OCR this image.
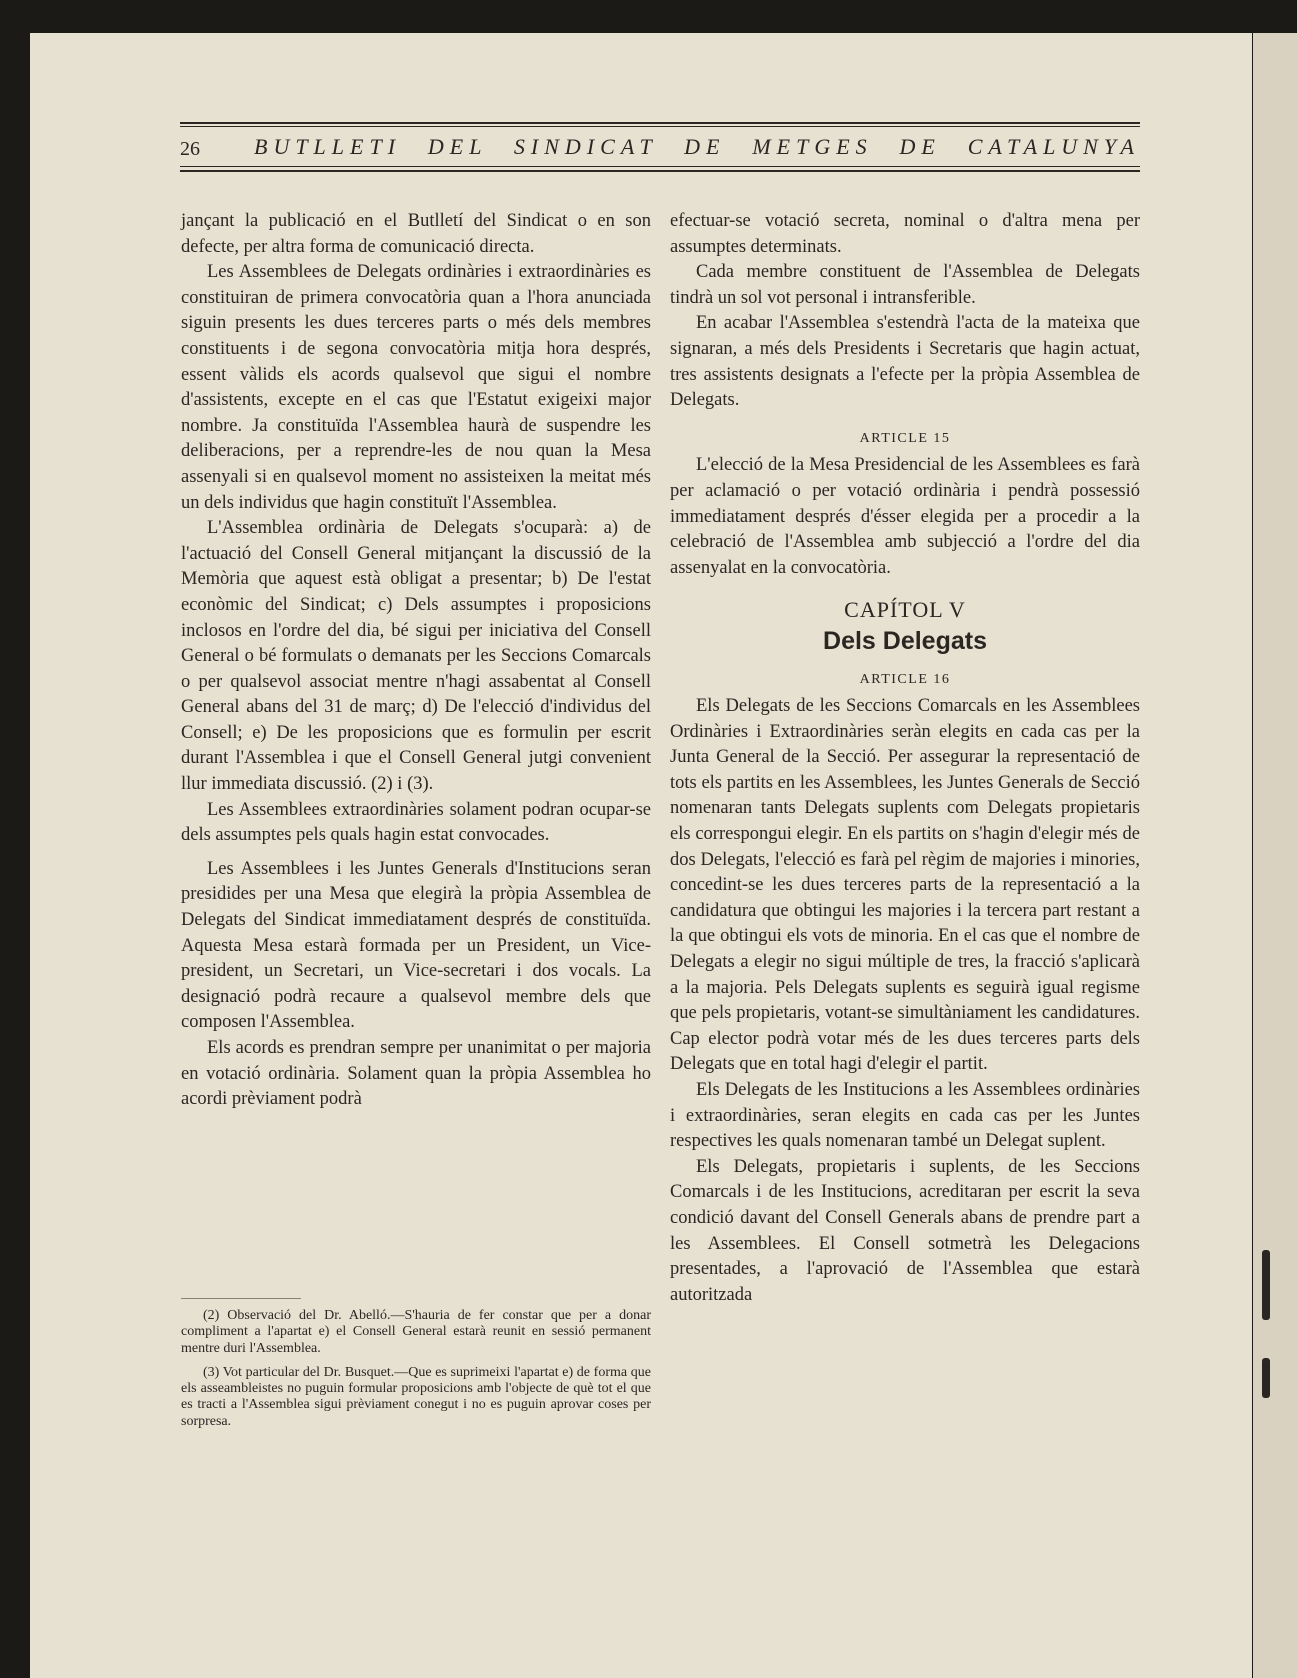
26 BUTLLETI DEL SINDICAT DE METGES DE CATALUNYA

jançant la publicació en el Butlletí del Sindicat o en son defecte, per altra forma de comunicació directa.

Les Assemblees de Delegats ordinàries i extraordinàries es constituiran de primera convocatòria quan a l'hora anunciada siguin presents les dues terceres parts o més dels membres constituents i de segona convocatòria mitja hora després, essent vàlids els acords qualsevol que sigui el nombre d'assistents, excepte en el cas que l'Estatut exigeixi major nombre. Ja constituïda l'Assemblea haurà de suspendre les deliberacions, per a reprendre-les de nou quan la Mesa assenyali si en qualsevol moment no assisteixen la meitat més un dels individus que hagin constituït l'Assemblea.

L'Assemblea ordinària de Delegats s'ocuparà: a) de l'actuació del Consell General mitjançant la discussió de la Memòria que aquest està obligat a presentar; b) De l'estat econòmic del Sindicat; c) Dels assumptes i proposicions inclosos en l'ordre del dia, bé sigui per iniciativa del Consell General o bé formulats o demanats per les Seccions Comarcals o per qualsevol associat mentre n'hagi assabentat al Consell General abans del 31 de març; d) De l'elecció d'individus del Consell; e) De les proposicions que es formulin per escrit durant l'Assemblea i que el Consell General jutgi convenient llur immediata discussió. (2) i (3).

Les Assemblees extraordinàries solament podran ocupar-se dels assumptes pels quals hagin estat convocades.

Les Assemblees i les Juntes Generals d'Institucions seran presidides per una Mesa que elegirà la pròpia Assemblea de Delegats del Sindicat immediatament després de constituïda. Aquesta Mesa estarà formada per un President, un Vice-president, un Secretari, un Vice-secretari i dos vocals. La designació podrà recaure a qualsevol membre dels que composen l'Assemblea.

Els acords es prendran sempre per unanimitat o per majoria en votació ordinària. Solament quan la pròpia Assemblea ho acordi prèviament podrà

(2) Observació del Dr. Abelló.—S'hauria de fer constar que per a donar compliment a l'apartat e) el Consell General estarà reunit en sessió permanent mentre duri l'Assemblea.

(3) Vot particular del Dr. Busquet.—Que es suprimeixi l'apartat e) de forma que els asseambleistes no puguin formular proposicions amb l'objecte de què tot el que es tracti a l'Assemblea sigui prèviament conegut i no es puguin aprovar coses per sorpresa.

efectuar-se votació secreta, nominal o d'altra mena per assumptes determinats.

Cada membre constituent de l'Assemblea de Delegats tindrà un sol vot personal i intransferible.

En acabar l'Assemblea s'estendrà l'acta de la mateixa que signaran, a més dels Presidents i Secretaris que hagin actuat, tres assistents designats a l'efecte per la pròpia Assemblea de Delegats.

ARTICLE 15

L'elecció de la Mesa Presidencial de les Assemblees es farà per aclamació o per votació ordinària i pendrà possessió immediatament després d'ésser elegida per a procedir a la celebració de l'Assemblea amb subjecció a l'ordre del dia assenyalat en la convocatòria.

CAPÍTOL V
Dels Delegats
ARTICLE 16

Els Delegats de les Seccions Comarcals en les Assemblees Ordinàries i Extraordinàries seràn elegits en cada cas per la Junta General de la Secció. Per assegurar la representació de tots els partits en les Assemblees, les Juntes Generals de Secció nomenaran tants Delegats suplents com Delegats propietaris els correspongui elegir. En els partits on s'hagin d'elegir més de dos Delegats, l'elecció es farà pel règim de majories i minories, concedint-se les dues terceres parts de la representació a la candidatura que obtingui les majories i la tercera part restant a la que obtingui els vots de minoria. En el cas que el nombre de Delegats a elegir no sigui múltiple de tres, la fracció s'aplicarà a la majoria. Pels Delegats suplents es seguirà igual regisme que pels propietaris, votant-se simultàniament les candidatures. Cap elector podrà votar més de les dues terceres parts dels Delegats que en total hagi d'elegir el partit.

Els Delegats de les Institucions a les Assemblees ordinàries i extraordinàries, seran elegits en cada cas per les Juntes respectives les quals nomenaran també un Delegat suplent.

Els Delegats, propietaris i suplents, de les Seccions Comarcals i de les Institucions, acreditaran per escrit la seva condició davant del Consell Generals abans de prendre part a les Assemblees. El Consell sotmetrà les Delegacions presentades, a l'aprovació de l'Assemblea que estarà autoritzada
